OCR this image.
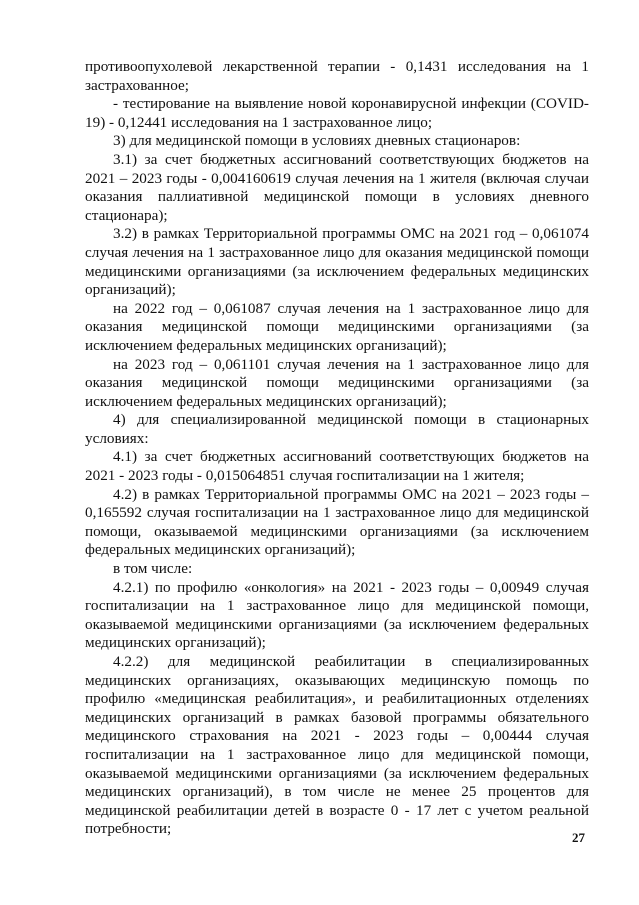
противоопухолевой лекарственной терапии - 0,1431 исследования на 1 застрахованное;

- тестирование на выявление новой коронавирусной инфекции (COVID-19) - 0,12441 исследования на 1 застрахованное лицо;

3) для медицинской помощи в условиях дневных стационаров:

3.1) за счет бюджетных ассигнований соответствующих бюджетов на 2021 – 2023 годы - 0,004160619 случая лечения на 1 жителя (включая случаи оказания паллиативной медицинской помощи в условиях дневного стационара);

3.2) в рамках Территориальной программы ОМС на 2021 год – 0,061074 случая лечения на 1 застрахованное лицо для оказания медицинской помощи медицинскими организациями (за исключением федеральных медицинских организаций);

на 2022 год – 0,061087 случая лечения на 1 застрахованное лицо для оказания медицинской помощи медицинскими организациями (за исключением федеральных медицинских организаций);

на 2023 год – 0,061101 случая лечения на 1 застрахованное лицо для оказания медицинской помощи медицинскими организациями (за исключением федеральных медицинских организаций);

4) для специализированной медицинской помощи в стационарных условиях:

4.1) за счет бюджетных ассигнований соответствующих бюджетов на 2021 - 2023 годы - 0,015064851 случая госпитализации на 1 жителя;

4.2) в рамках Территориальной программы ОМС на 2021 – 2023 годы – 0,165592 случая госпитализации на 1 застрахованное лицо для медицинской помощи, оказываемой медицинскими организациями (за исключением федеральных медицинских организаций);

в том числе:

4.2.1) по профилю «онкология» на 2021 - 2023 годы – 0,00949 случая госпитализации на 1 застрахованное лицо для медицинской помощи, оказываемой медицинскими организациями (за исключением федеральных медицинских организаций);

4.2.2) для медицинской реабилитации в специализированных медицинских организациях, оказывающих медицинскую помощь по профилю «медицинская реабилитация», и реабилитационных отделениях медицинских организаций в рамках базовой программы обязательного медицинского страхования на 2021 - 2023 годы – 0,00444 случая госпитализации на 1 застрахованное лицо для медицинской помощи, оказываемой медицинскими организациями (за исключением федеральных медицинских организаций), в том числе не менее 25 процентов для медицинской реабилитации детей в возрасте 0 - 17 лет с учетом реальной потребности;

27
